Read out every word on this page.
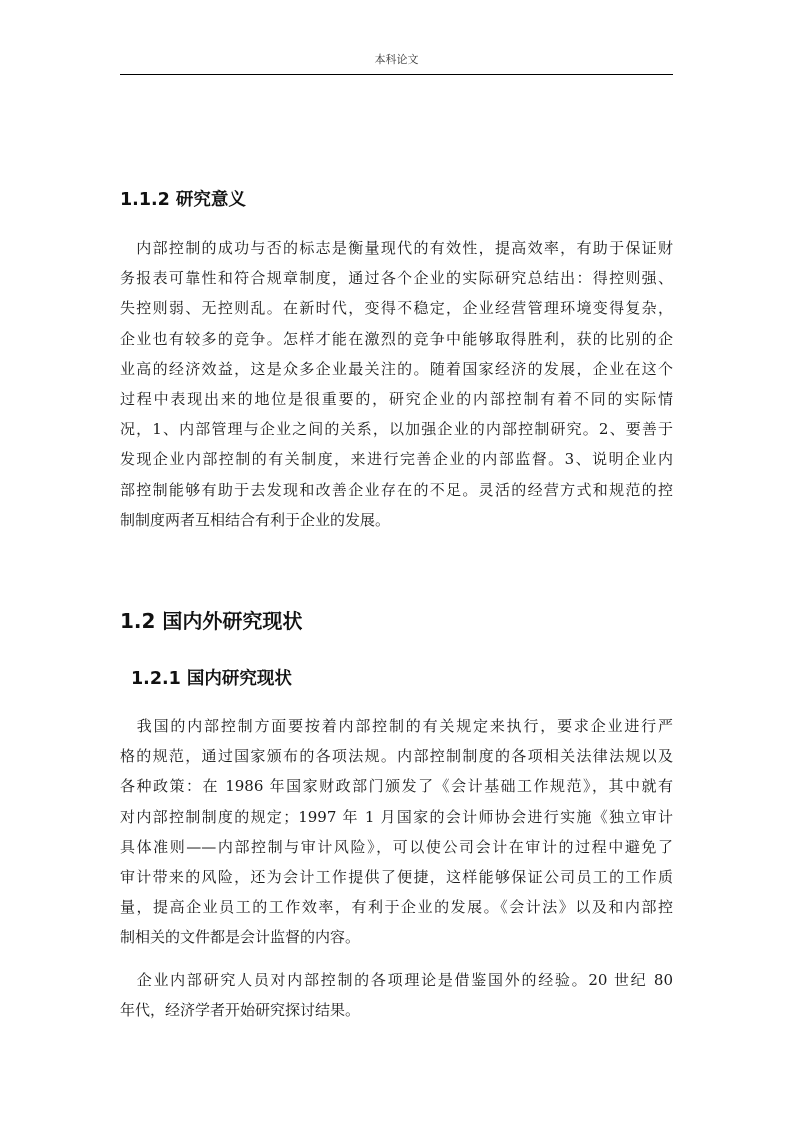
本科论文
1.1.2 研究意义
　内部控制的成功与否的标志是衡量现代的有效性，提高效率，有助于保证财
务报表可靠性和符合规章制度，通过各个企业的实际研究总结出：得控则强、
失控则弱、无控则乱。在新时代，变得不稳定，企业经营管理环境变得复杂，
企业也有较多的竞争。怎样才能在激烈的竞争中能够取得胜利，获的比别的企
业高的经济效益，这是众多企业最关注的。随着国家经济的发展，企业在这个
过程中表现出来的地位是很重要的，研究企业的内部控制有着不同的实际情
况，1、内部管理与企业之间的关系，以加强企业的内部控制研究。2、要善于
发现企业内部控制的有关制度，来进行完善企业的内部监督。3、说明企业内
部控制能够有助于去发现和改善企业存在的不足。灵活的经营方式和规范的控
制制度两者互相结合有利于企业的发展。
1.2 国内外研究现状
1.2.1 国内研究现状
　我国的内部控制方面要按着内部控制的有关规定来执行，要求企业进行严
格的规范，通过国家颁布的各项法规。内部控制制度的各项相关法律法规以及
各种政策：在 1986 年国家财政部门颁发了《会计基础工作规范》，其中就有
对内部控制制度的规定；1997 年 1 月国家的会计师协会进行实施《独立审计
具体准则——内部控制与审计风险》，可以使公司会计在审计的过程中避免了
审计带来的风险，还为会计工作提供了便捷，这样能够保证公司员工的工作质
量，提高企业员工的工作效率，有利于企业的发展。《会计法》以及和内部控
制相关的文件都是会计监督的内容。
　企业内部研究人员对内部控制的各项理论是借鉴国外的经验。20 世纪 80
年代，经济学者开始研究探讨结果。
